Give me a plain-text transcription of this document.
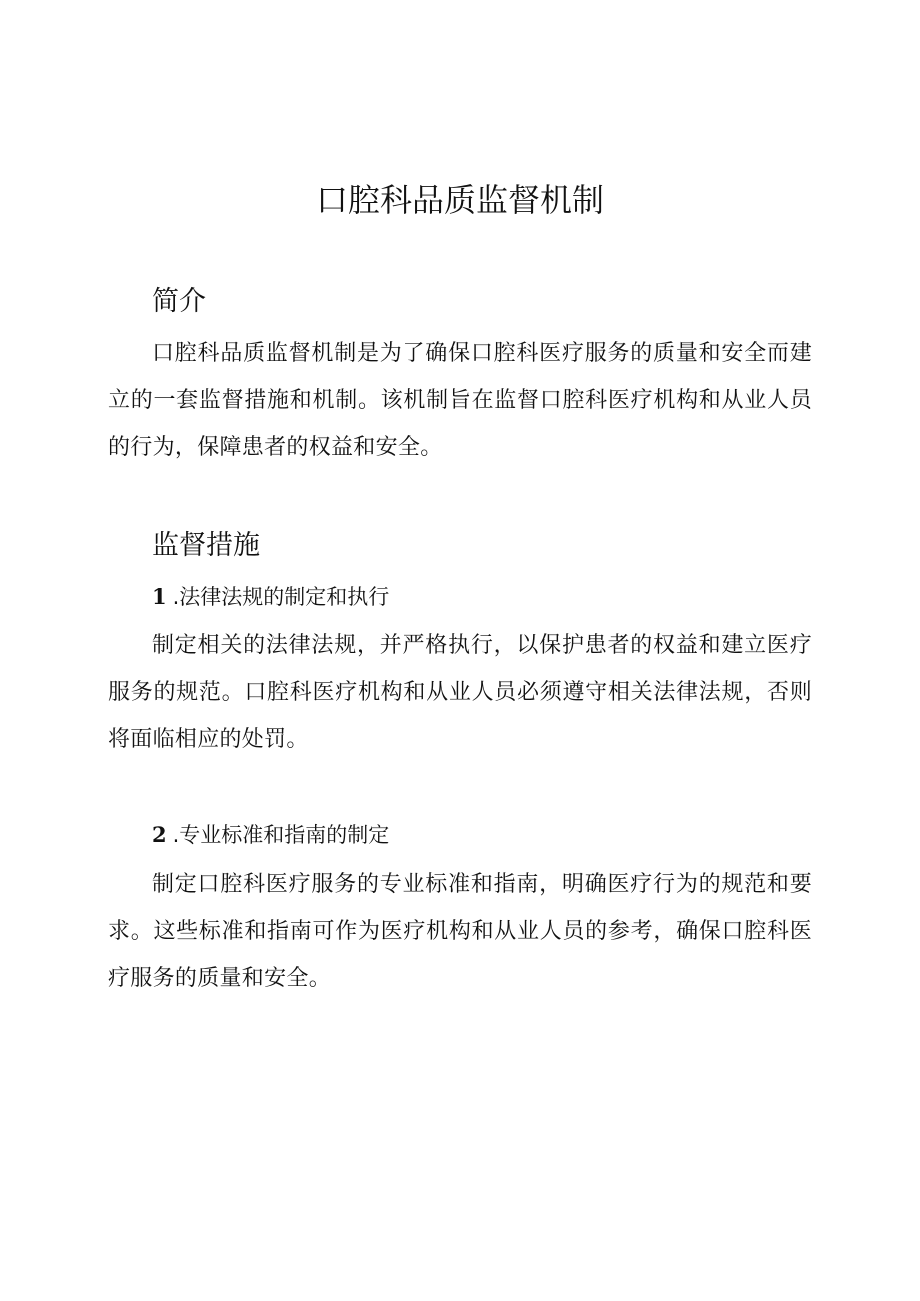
口腔科品质监督机制
简介

口腔科品质监督机制是为了确保口腔科医疗服务的质量和安全而建立的一套监督措施和机制。该机制旨在监督口腔科医疗机构和从业人员的行为，保障患者的权益和安全。

监督措施
1 .法律法规的制定和执行

制定相关的法律法规，并严格执行，以保护患者的权益和建立医疗服务的规范。口腔科医疗机构和从业人员必须遵守相关法律法规，否则将面临相应的处罚。

2 .专业标准和指南的制定

制定口腔科医疗服务的专业标准和指南，明确医疗行为的规范和要求。这些标准和指南可作为医疗机构和从业人员的参考，确保口腔科医疗服务的质量和安全。
